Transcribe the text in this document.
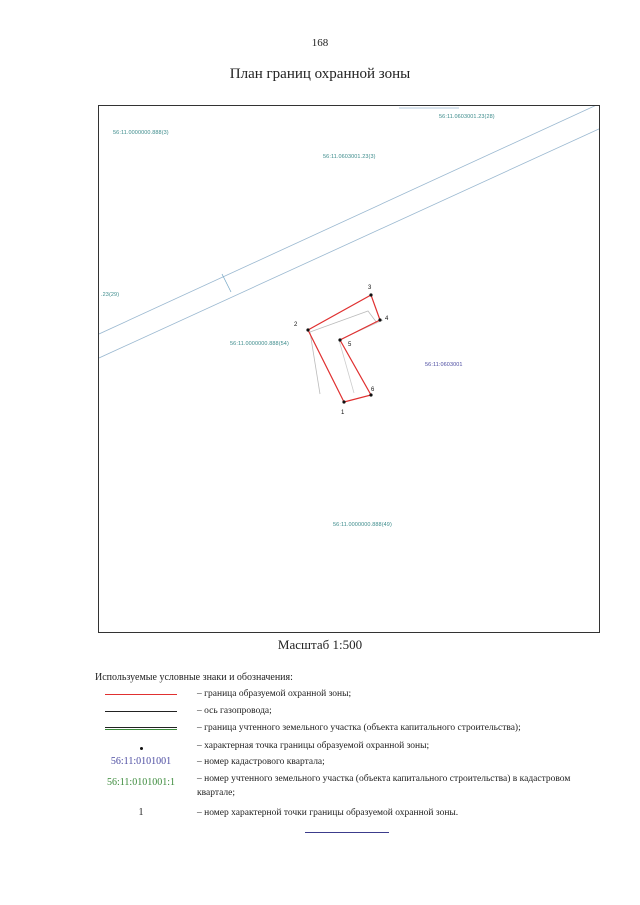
168
План границ охранной зоны
56:11.0000000.888(3)
56:11.0603001.23(28)
56:11.0603001.23(3)
.23(29)
56:11.0000000.888(54)
56:11:0603001
56:11.0000000.888(49)
1
2
3
4
5
6
Масштаб 1:500
Используемые условные знаки и обозначения:
– граница образуемой охранной зоны;
– ось газопровода;
– граница учтенного земельного участка (объекта капитального строительства);
– характерная точка границы образуемой охранной зоны;
56:11:0101001	– номер кадастрового квартала;
56:11:0101001:1	– номер учтенного земельного участка (объекта капитального строительства) в кадастровом квартале;
1	– номер характерной точки границы образуемой охранной зоны.
